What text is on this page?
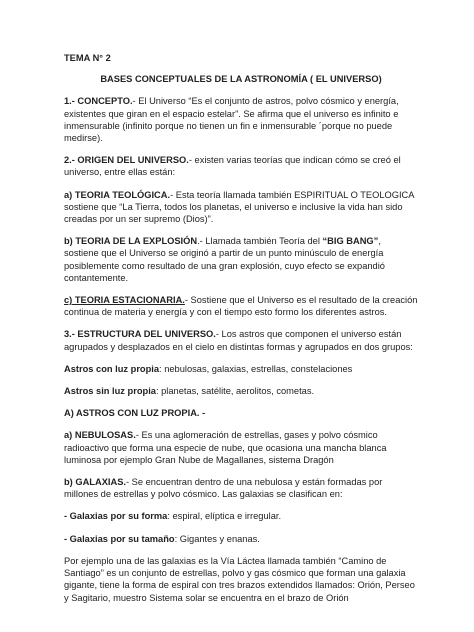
TEMA N° 2

BASES CONCEPTUALES DE LA ASTRONOMÍA ( EL UNIVERSO)

1.- CONCEPTO.- El Universo “Es el conjunto de astros, polvo cósmico y energía, existentes que giran en el espacio estelar”. Se afirma que el universo es infinito e inmensurable (infinito porque no tienen un fin e inmensurable ´porque no puede medirse).

2.- ORIGEN DEL UNIVERSO.- existen varias teorías que indican cómo se creó el universo, entre ellas están:

a) TEORIA TEOLÓGICA.- Esta teoría llamada también ESPIRITUAL O TEOLOGICA sostiene que “La Tierra, todos los planetas, el universo e inclusive la vida han sido creadas por un ser supremo (Dios)”.

b) TEORIA DE LA EXPLOSIÓN.- Llamada también Teoría del “BIG BANG”, sostiene que el Universo se originó a partir de un punto minúsculo de energía posiblemente como resultado de una gran explosión, cuyo efecto se expandió contantemente.

c) TEORIA ESTACIONARIA.- Sostiene que el Universo es el resultado de la creación continua de materia y energía y con el tiempo esto formo los diferentes astros.

3.- ESTRUCTURA DEL UNIVERSO.- Los astros que componen el universo están agrupados y desplazados en el cielo en distintas formas y agrupados en dos grupos:

Astros con luz propia: nebulosas, galaxias, estrellas, constelaciones

Astros sin luz propia: planetas, satélite, aerolitos, cometas.

A) ASTROS CON LUZ PROPIA. -

a) NEBULOSAS.- Es una aglomeración de estrellas, gases y polvo cósmico radioactivo que forma una especie de nube, que ocasiona una mancha blanca luminosa por ejemplo Gran Nube de Magallanes, sistema Dragón

b) GALAXIAS.- Se encuentran dentro de una nebulosa y están formadas por millones de estrellas y polvo cósmico. Las galaxias se clasifican en:

- Galaxias por su forma: espiral, elíptica e irregular.

- Galaxias por su tamaño: Gigantes y enanas.

Por ejemplo una de las galaxias es la Vía Láctea llamada también “Camino de Santiago” es un conjunto de estrellas, polvo y gas cósmico que forman una galaxia gigante, tiene la forma de espiral con tres brazos extendidos llamados: Orión, Perseo y Sagitario, muestro Sistema solar se encuentra en el brazo de Orión
